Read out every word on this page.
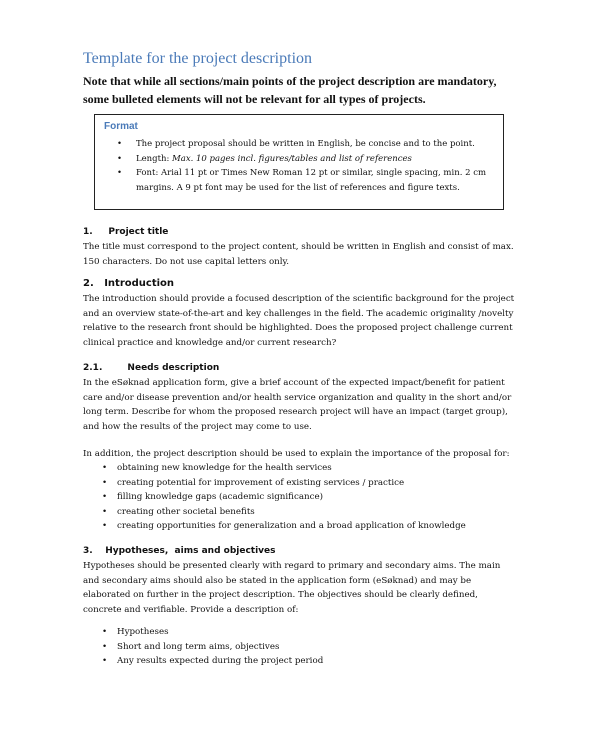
Template for the project description
Note that while all sections/main points of the project description are mandatory, some bulleted elements will not be relevant for all types of projects.
Format
• The project proposal should be written in English, be concise and to the point.
• Length: Max. 10 pages incl. figures/tables and list of references
• Font: Arial 11 pt or Times New Roman 12 pt or similar, single spacing, min. 2 cm margins. A 9 pt font may be used for the list of references and figure texts.
1.     Project title
The title must correspond to the project content, should be written in English and consist of max. 150 characters. Do not use capital letters only.
2.   Introduction
The introduction should provide a focused description of the scientific background for the project and an overview state-of-the-art and key challenges in the field. The academic originality /novelty relative to the research front should be highlighted. Does the proposed project challenge current clinical practice and knowledge and/or current research?
2.1.        Needs description
In the eSøknad application form, give a brief account of the expected impact/benefit for patient care and/or disease prevention and/or health service organization and quality in the short and/or long term. Describe for whom the proposed research project will have an impact (target group), and how the results of the project may come to use.
In addition, the project description should be used to explain the importance of the proposal for:
• obtaining new knowledge for the health services
• creating potential for improvement of existing services / practice
• filling knowledge gaps (academic significance)
• creating other societal benefits
• creating opportunities for generalization and a broad application of knowledge
3.    Hypotheses,  aims and objectives
Hypotheses should be presented clearly with regard to primary and secondary aims. The main and secondary aims should also be stated in the application form (eSøknad) and may be elaborated on further in the project description. The objectives should be clearly defined, concrete and verifiable. Provide a description of:
• Hypotheses
• Short and long term aims, objectives
• Any results expected during the project period
